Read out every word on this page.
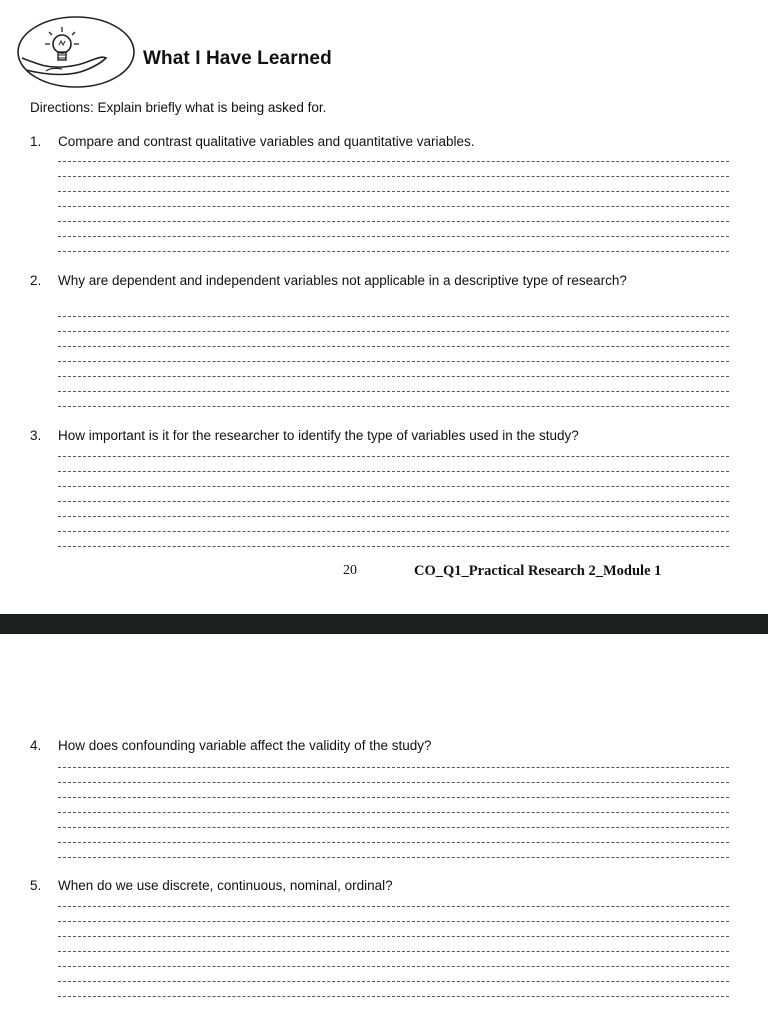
What I Have Learned
Directions: Explain briefly what is being asked for.
1.	Compare and contrast qualitative variables and quantitative variables.
2.	Why are dependent and independent variables not applicable in a descriptive type of research?
3.	How important is it for the researcher to identify the type of variables used in the study?
20	CO_Q1_Practical Research 2_Module 1
4.	How does confounding variable affect the validity of the study?
5.	When do we use discrete, continuous, nominal, ordinal?
